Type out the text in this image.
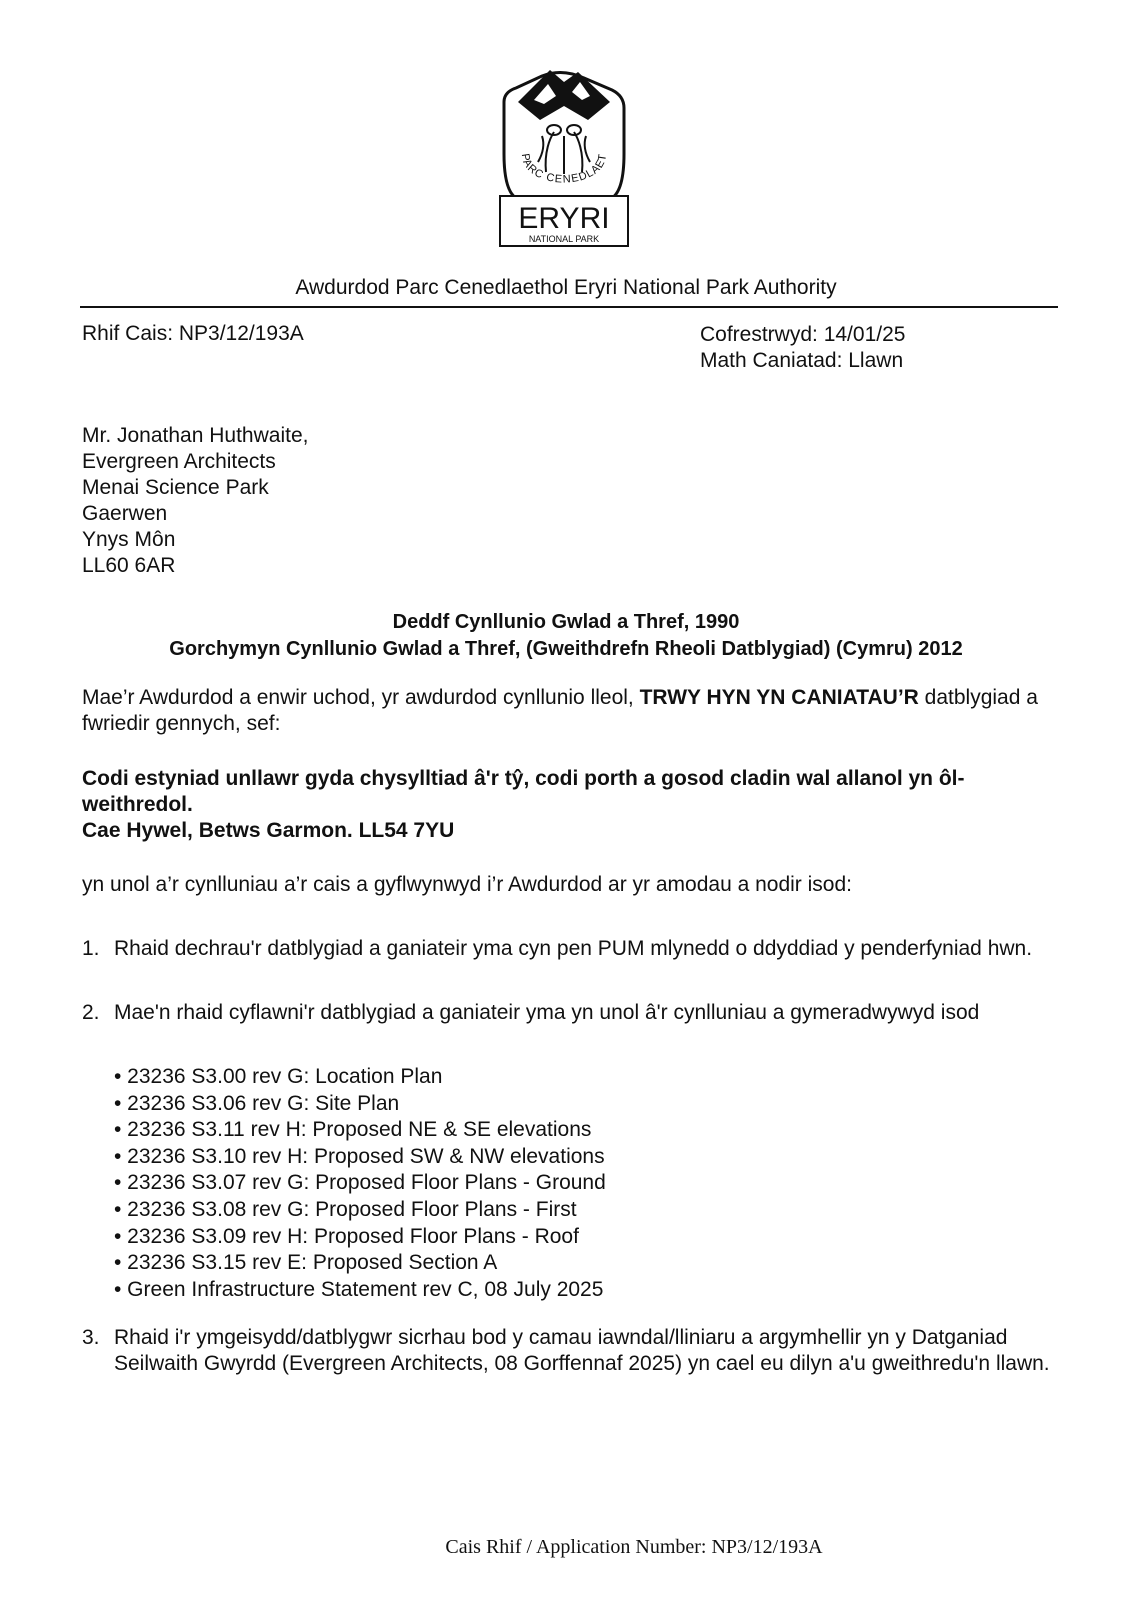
PARC CENEDLAET
ERYRI
NATIONAL PARK
Awdurdod Parc Cenedlaethol Eryri National Park Authority
Rhif Cais: NP3/12/193A	Cofrestrwyd: 14/01/25
Math Caniatad: Llawn
Mr. Jonathan Huthwaite,
Evergreen Architects
Menai Science Park
Gaerwen
Ynys Môn
LL60 6AR
Deddf Cynllunio Gwlad a Thref, 1990
Gorchymyn Cynllunio Gwlad a Thref, (Gweithdrefn Rheoli Datblygiad) (Cymru) 2012
Mae’r Awdurdod a enwir uchod, yr awdurdod cynllunio lleol, TRWY HYN YN CANIATAU’R datblygiad a fwriedir gennych, sef:
Codi estyniad unllawr gyda chysylltiad â'r tŷ, codi porth a gosod cladin wal allanol yn ôl-weithredol.
Cae Hywel, Betws Garmon. LL54 7YU
yn unol a’r cynlluniau a’r cais a gyflwynwyd i’r Awdurdod ar yr amodau a nodir isod:
1. Rhaid dechrau'r datblygiad a ganiateir yma cyn pen PUM mlynedd o ddyddiad y penderfyniad hwn.
2. Mae'n rhaid cyflawni'r datblygiad a ganiateir yma yn unol â'r cynlluniau a gymeradwywyd isod
• 23236 S3.00 rev G: Location Plan
• 23236 S3.06 rev G: Site Plan
• 23236 S3.11 rev H: Proposed NE & SE elevations
• 23236 S3.10 rev H: Proposed SW & NW elevations
• 23236 S3.07 rev G: Proposed Floor Plans - Ground
• 23236 S3.08 rev G: Proposed Floor Plans - First
• 23236 S3.09 rev H: Proposed Floor Plans - Roof
• 23236 S3.15 rev E: Proposed Section A
• Green Infrastructure Statement rev C, 08 July 2025
3. Rhaid i'r ymgeisydd/datblygwr sicrhau bod y camau iawndal/lliniaru a argymhellir yn y Datganiad Seilwaith Gwyrdd (Evergreen Architects, 08 Gorffennaf 2025) yn cael eu dilyn a'u gweithredu'n llawn.
Cais Rhif / Application Number: NP3/12/193A
